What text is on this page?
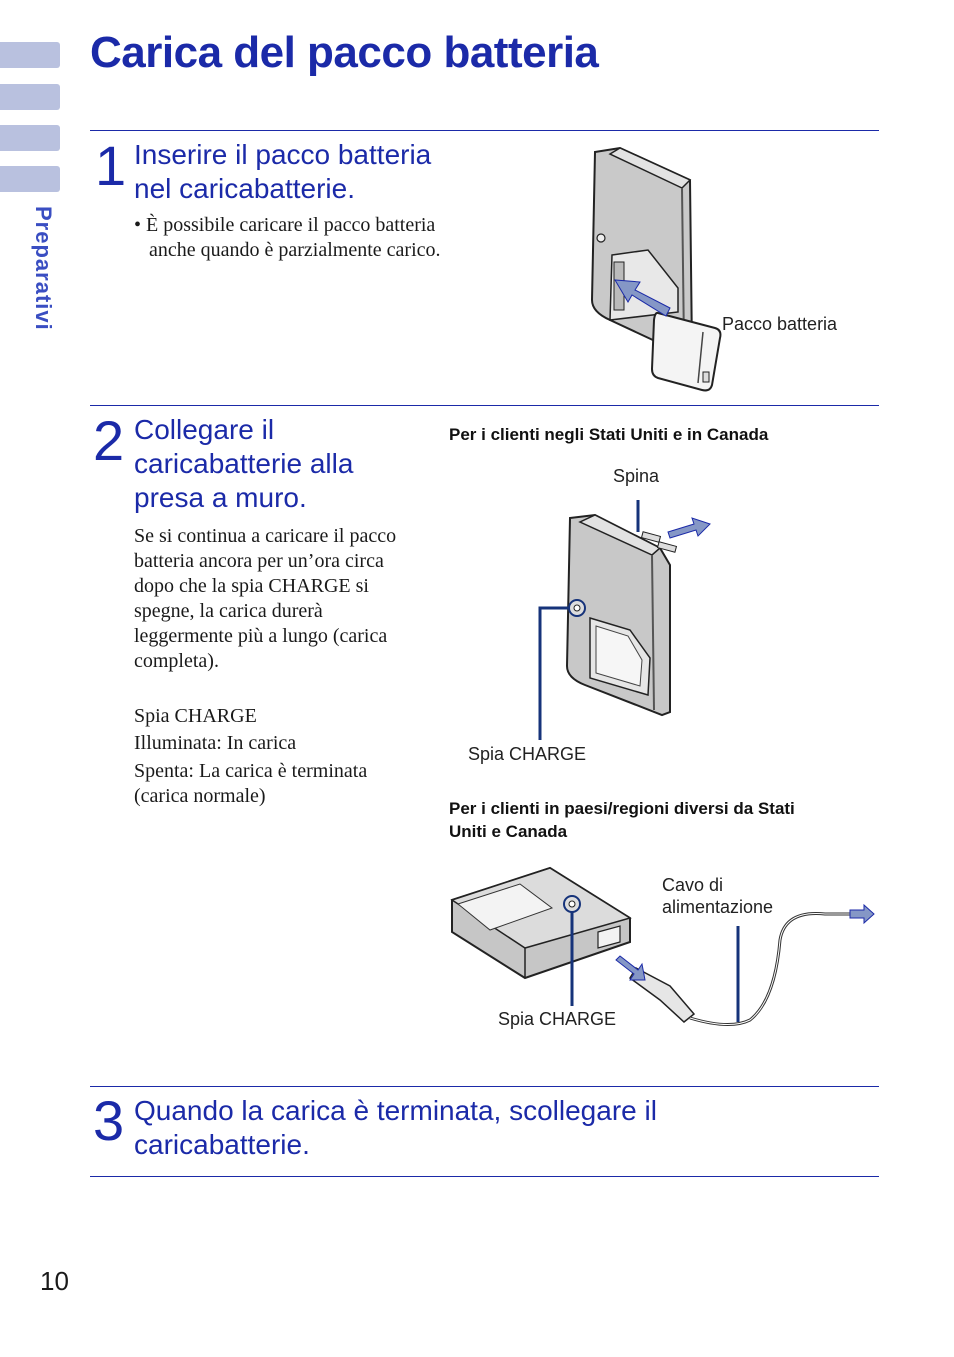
Preparativi
Carica del pacco batteria
1 Inserire il pacco batteria
nel caricabatterie.
• È possibile caricare il pacco batteria
anche quando è parzialmente carico.
Pacco batteria
2 Collegare il
caricabatterie alla
presa a muro.
Se si continua a caricare il pacco
batteria ancora per un’ora circa
dopo che la spia CHARGE si
spegne, la carica durerà
leggermente più a lungo (carica
completa).
Spia CHARGE
Illuminata: In carica
Spenta: La carica è terminata
(carica normale)
Per i clienti negli Stati Uniti e in Canada
Spina
Spia CHARGE
Per i clienti in paesi/regioni diversi da Stati
Uniti e Canada
Cavo di
alimentazione
Spia CHARGE
3 Quando la carica è terminata, scollegare il
caricabatterie.
10
